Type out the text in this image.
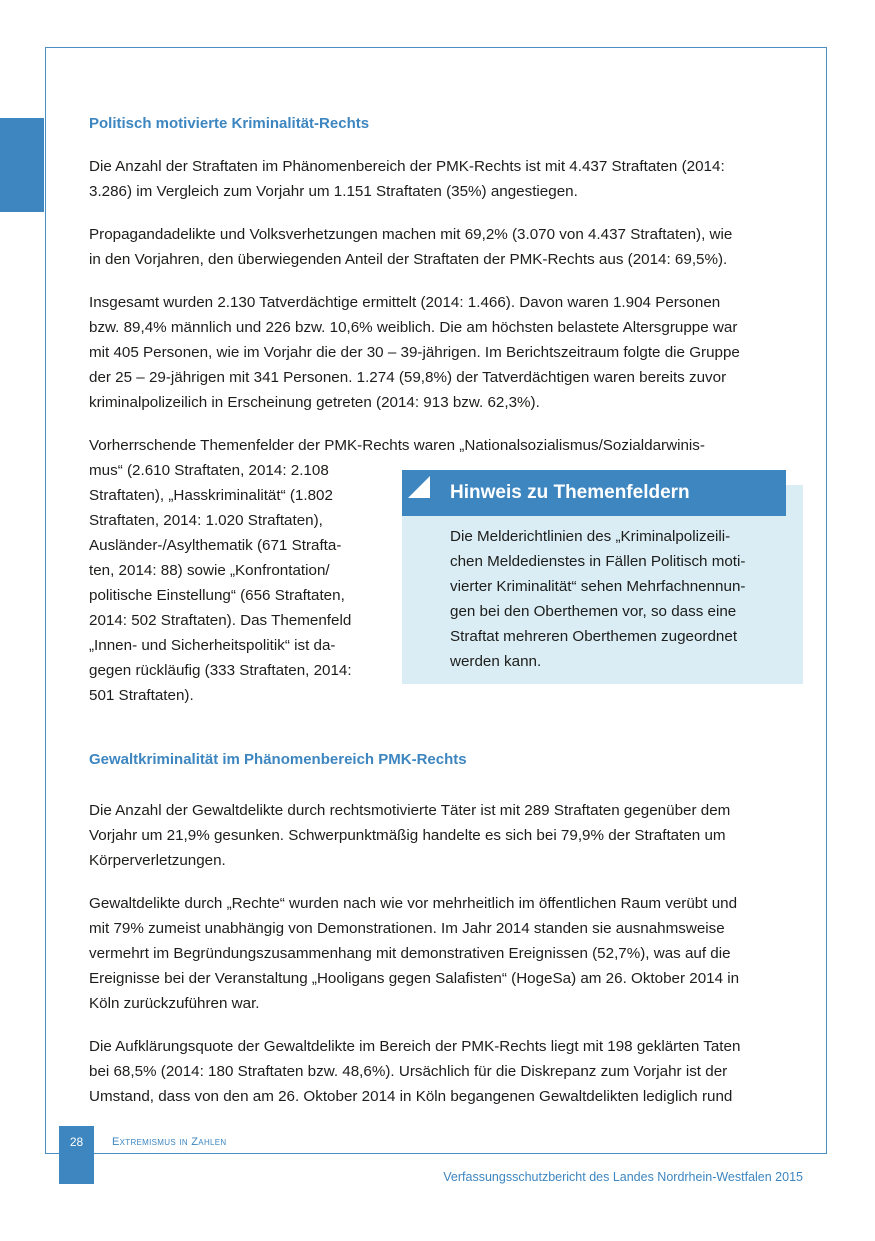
Politisch motivierte Kriminalität-Rechts
Die Anzahl der Straftaten im Phänomenbereich der PMK-Rechts ist mit 4.437 Straftaten (2014:
3.286) im Vergleich zum Vorjahr um 1.151 Straftaten (35%) angestiegen.
Propagandadelikte und Volksverhetzungen machen mit 69,2% (3.070 von 4.437 Straftaten), wie
in den Vorjahren, den überwiegenden Anteil der Straftaten der PMK-Rechts aus (2014: 69,5%).
Insgesamt wurden 2.130 Tatverdächtige ermittelt (2014: 1.466). Davon waren 1.904 Personen
bzw. 89,4% männlich und 226 bzw. 10,6% weiblich. Die am höchsten belastete Altersgruppe war
mit 405 Personen, wie im Vorjahr die der 30 – 39-jährigen. Im Berichtszeitraum folgte die Gruppe
der 25 – 29-jährigen mit 341 Personen. 1.274 (59,8%) der Tatverdächtigen waren bereits zuvor
kriminalpolizeilich in Erscheinung getreten (2014: 913 bzw. 62,3%).
Vorherrschende Themenfelder der PMK-Rechts waren „Nationalsozialismus/Sozialdarwinis-
mus“ (2.610 Straftaten, 2014: 2.108
Straftaten), „Hasskriminalität“ (1.802
Straftaten, 2014: 1.020 Straftaten),
Ausländer-/Asylthematik (671 Strafta-
ten, 2014: 88) sowie „Konfrontation/
politische Einstellung“ (656 Straftaten,
2014: 502 Straftaten). Das Themenfeld
„Innen- und Sicherheitspolitik“ ist da-
gegen rückläufig (333 Straftaten, 2014:
501 Straftaten).
Gewaltkriminalität im Phänomenbereich PMK-Rechts
Die Anzahl der Gewaltdelikte durch rechtsmotivierte Täter ist mit 289 Straftaten gegenüber dem
Vorjahr um 21,9% gesunken. Schwerpunktmäßig handelte es sich bei 79,9% der Straftaten um
Körperverletzungen.
Gewaltdelikte durch „Rechte“ wurden nach wie vor mehrheitlich im öffentlichen Raum verübt und
mit 79% zumeist unabhängig von Demonstrationen. Im Jahr 2014 standen sie ausnahmsweise
vermehrt im Begründungszusammenhang mit demonstrativen Ereignissen (52,7%), was auf die
Ereignisse bei der Veranstaltung „Hooligans gegen Salafisten“ (HogeSa) am 26. Oktober 2014 in
Köln zurückzuführen war.
Die Aufklärungsquote der Gewaltdelikte im Bereich der PMK-Rechts liegt mit 198 geklärten Taten
bei 68,5% (2014: 180 Straftaten bzw. 48,6%). Ursächlich für die Diskrepanz zum Vorjahr ist der
Umstand, dass von den am 26. Oktober 2014 in Köln begangenen Gewaltdelikten lediglich rund
Hinweis zu Themenfeldern
Die Melderichtlinien des „Kriminalpolizeili-
chen Meldedienstes in Fällen Politisch moti-
vierter Kriminalität“ sehen Mehrfachnennun-
gen bei den Oberthemen vor, so dass eine
Straftat mehreren Oberthemen zugeordnet
werden kann.
28	Extremismus in Zahlen
Verfassungsschutzbericht des Landes Nordrhein-Westfalen 2015
